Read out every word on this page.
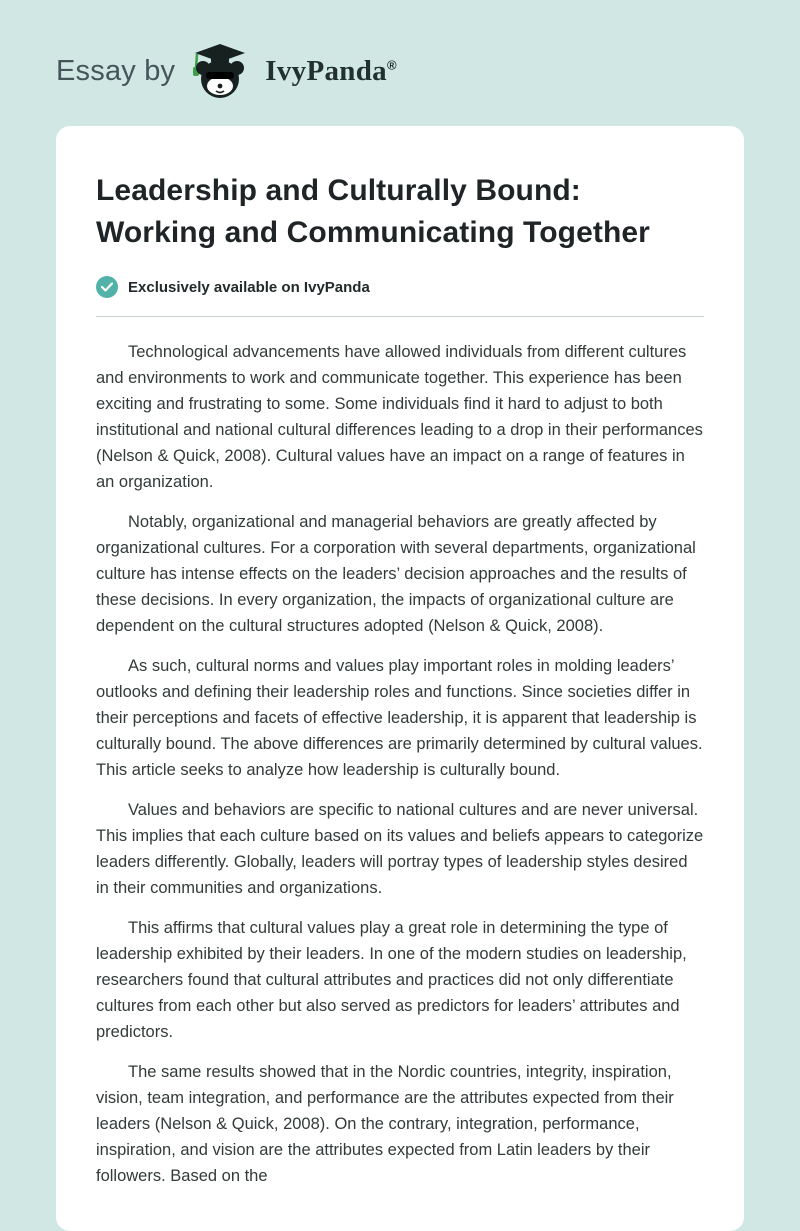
Essay by	IvyPanda®
Leadership and Culturally Bound: Working and Communicating Together
Exclusively available on IvyPanda

Technological advancements have allowed individuals from different cultures and environments to work and communicate together. This experience has been exciting and frustrating to some. Some individuals find it hard to adjust to both institutional and national cultural differences leading to a drop in their performances (Nelson & Quick, 2008). Cultural values have an impact on a range of features in an organization.

Notably, organizational and managerial behaviors are greatly affected by organizational cultures. For a corporation with several departments, organizational culture has intense effects on the leaders’ decision approaches and the results of these decisions. In every organization, the impacts of organizational culture are dependent on the cultural structures adopted (Nelson & Quick, 2008).

As such, cultural norms and values play important roles in molding leaders’ outlooks and defining their leadership roles and functions. Since societies differ in their perceptions and facets of effective leadership, it is apparent that leadership is culturally bound. The above differences are primarily determined by cultural values. This article seeks to analyze how leadership is culturally bound.

Values and behaviors are specific to national cultures and are never universal. This implies that each culture based on its values and beliefs appears to categorize leaders differently. Globally, leaders will portray types of leadership styles desired in their communities and organizations.

This affirms that cultural values play a great role in determining the type of leadership exhibited by their leaders. In one of the modern studies on leadership, researchers found that cultural attributes and practices did not only differentiate cultures from each other but also served as predictors for leaders’ attributes and predictors.

The same results showed that in the Nordic countries, integrity, inspiration, vision, team integration, and performance are the attributes expected from their leaders (Nelson & Quick, 2008). On the contrary, integration, performance, inspiration, and vision are the attributes expected from Latin leaders by their followers. Based on the
